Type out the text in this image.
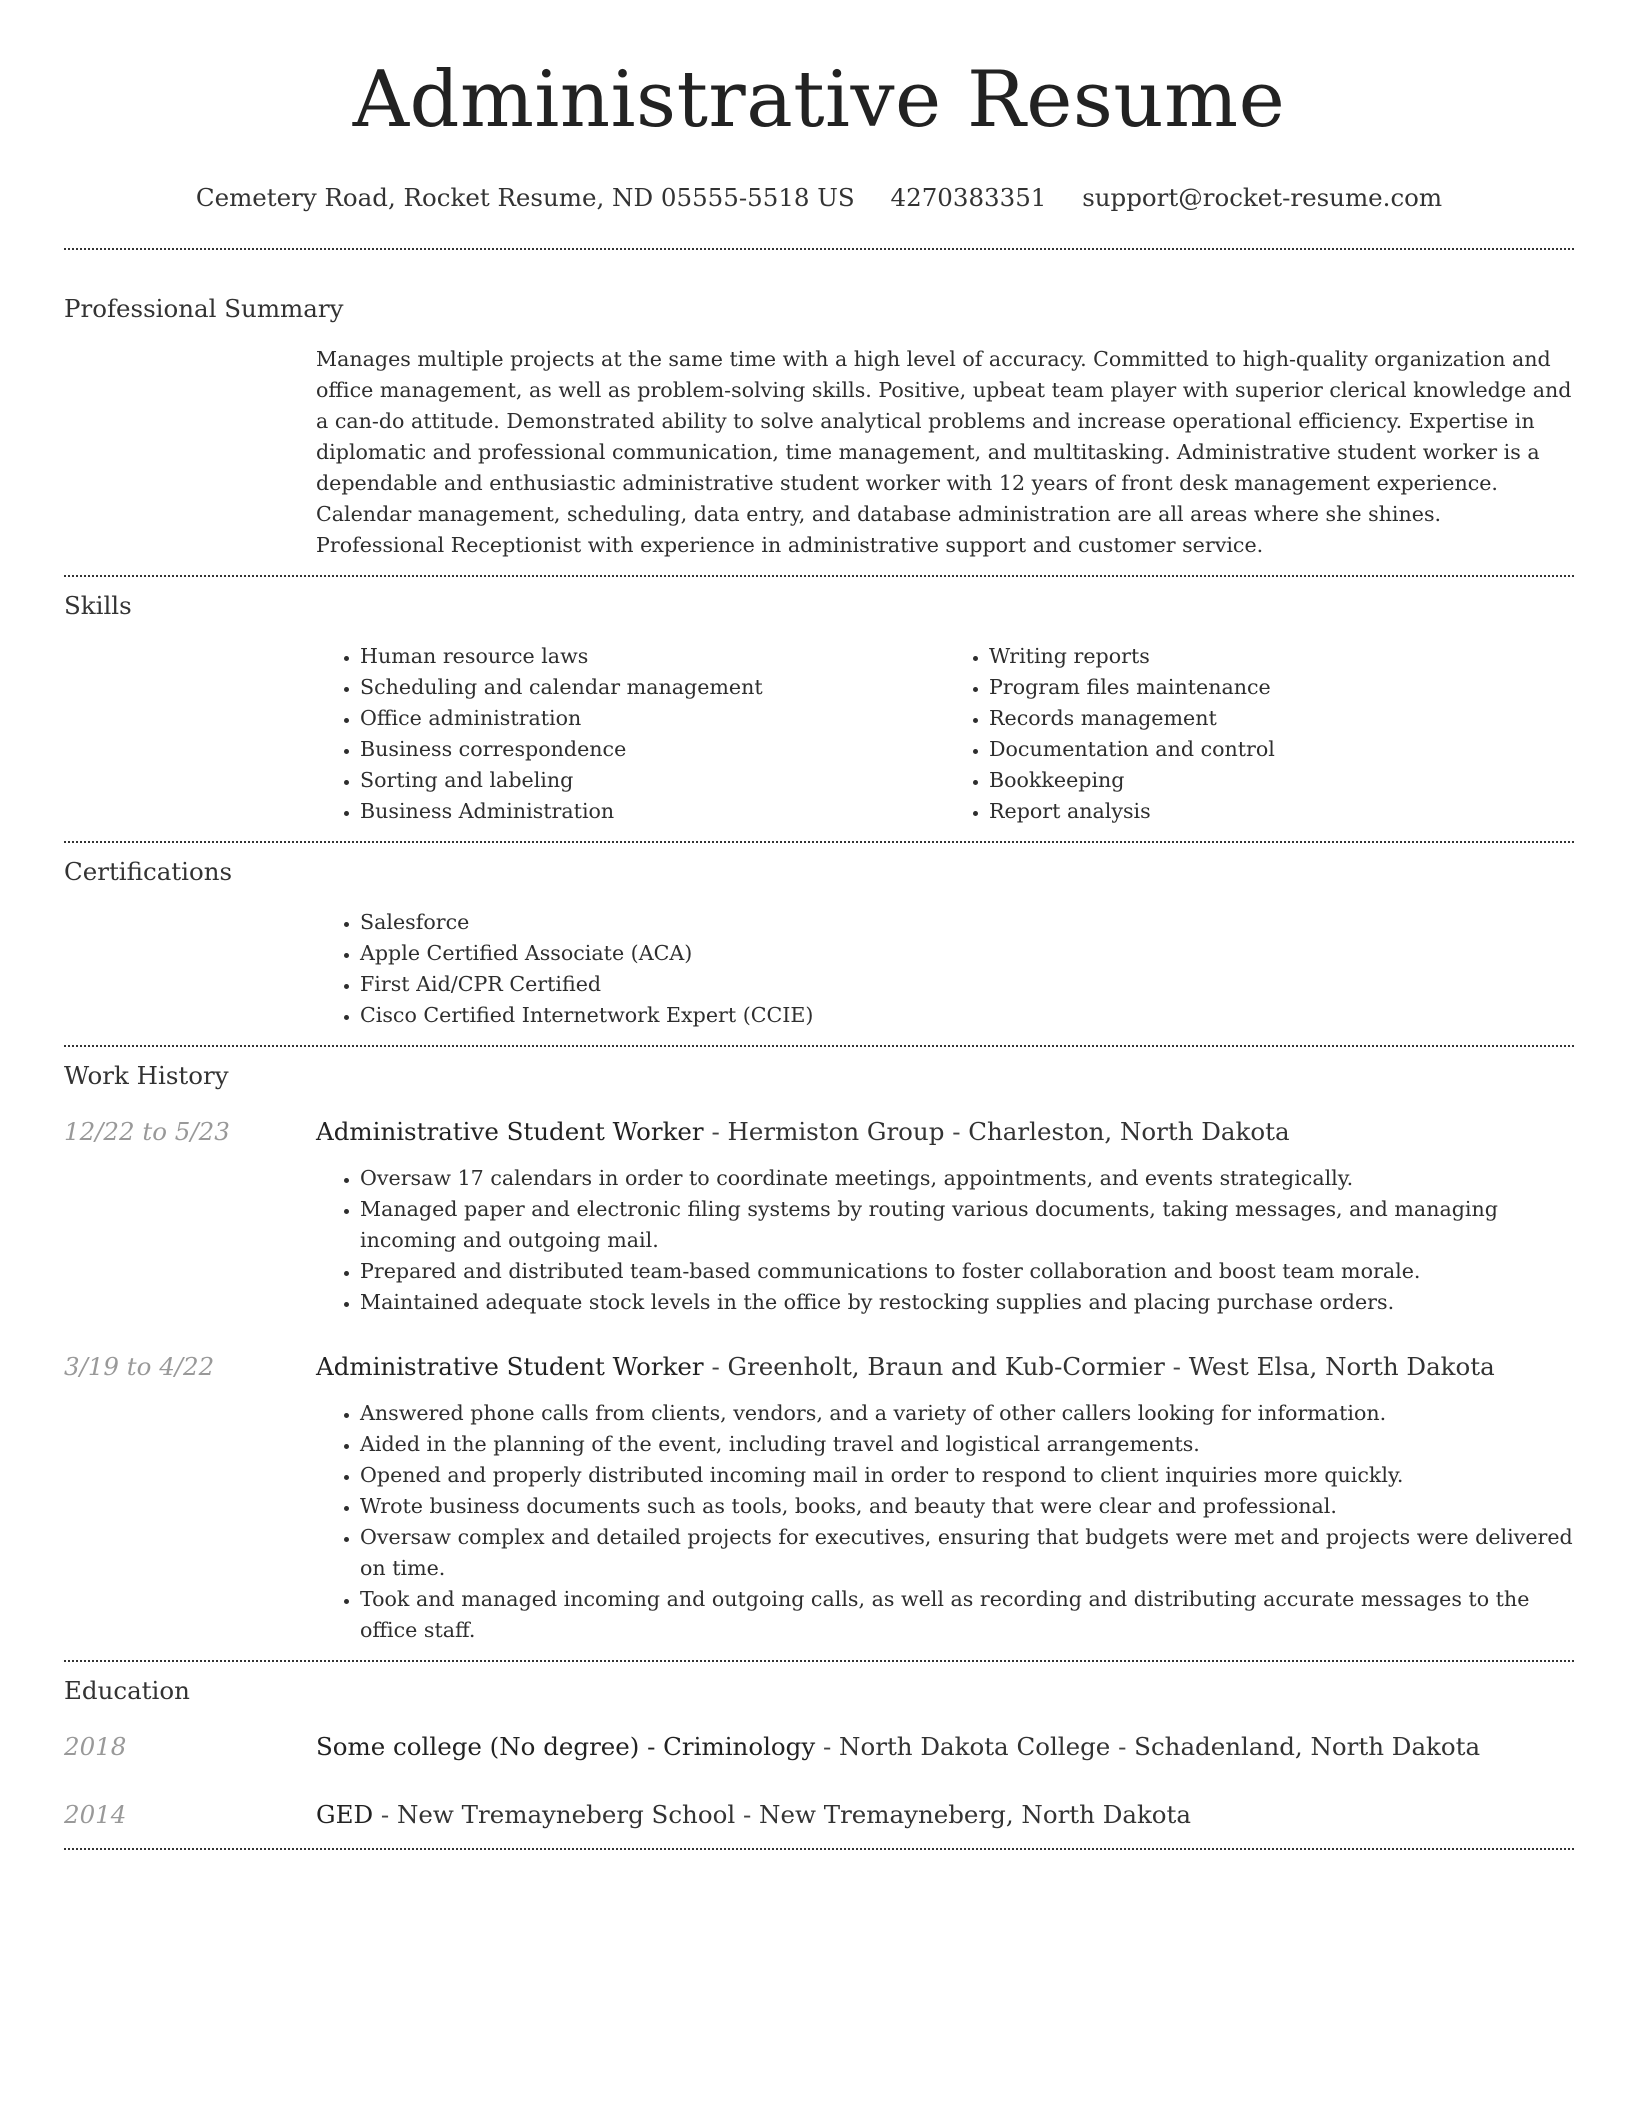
Administrative Resume
Cemetery Road, Rocket Resume, ND 05555-5518 US 4270383351 support@rocket-resume.com
Professional Summary

Manages multiple projects at the same time with a high level of accuracy. Committed to high-quality organization and office management, as well as problem-solving skills. Positive, upbeat team player with superior clerical knowledge and a can-do attitude. Demonstrated ability to solve analytical problems and increase operational efficiency. Expertise in diplomatic and professional communication, time management, and multitasking. Administrative student worker is a dependable and enthusiastic administrative student worker with 12 years of front desk management experience. Calendar management, scheduling, data entry, and database administration are all areas where she shines. Professional Receptionist with experience in administrative support and customer service.

Skills
• Human resource laws
• Scheduling and calendar management
• Office administration
• Business correspondence
• Sorting and labeling
• Business Administration
• Writing reports
• Program files maintenance
• Records management
• Documentation and control
• Bookkeeping
• Report analysis
Certifications
• Salesforce
• Apple Certified Associate (ACA)
• First Aid/CPR Certified
• Cisco Certified Internetwork Expert (CCIE)
Work History
12/22 to 5/23	Administrative Student Worker - Hermiston Group - Charleston, North Dakota
• Oversaw 17 calendars in order to coordinate meetings, appointments, and events strategically.
• Managed paper and electronic filing systems by routing various documents, taking messages, and managing incoming and outgoing mail.
• Prepared and distributed team-based communications to foster collaboration and boost team morale.
• Maintained adequate stock levels in the office by restocking supplies and placing purchase orders.
3/19 to 4/22	Administrative Student Worker - Greenholt, Braun and Kub-Cormier - West Elsa, North Dakota
• Answered phone calls from clients, vendors, and a variety of other callers looking for information.
• Aided in the planning of the event, including travel and logistical arrangements.
• Opened and properly distributed incoming mail in order to respond to client inquiries more quickly.
• Wrote business documents such as tools, books, and beauty that were clear and professional.
• Oversaw complex and detailed projects for executives, ensuring that budgets were met and projects were delivered on time.
• Took and managed incoming and outgoing calls, as well as recording and distributing accurate messages to the office staff.
Education
2018	Some college (No degree) - Criminology - North Dakota College - Schadenland, North Dakota
2014	GED - New Tremayneberg School - New Tremayneberg, North Dakota
